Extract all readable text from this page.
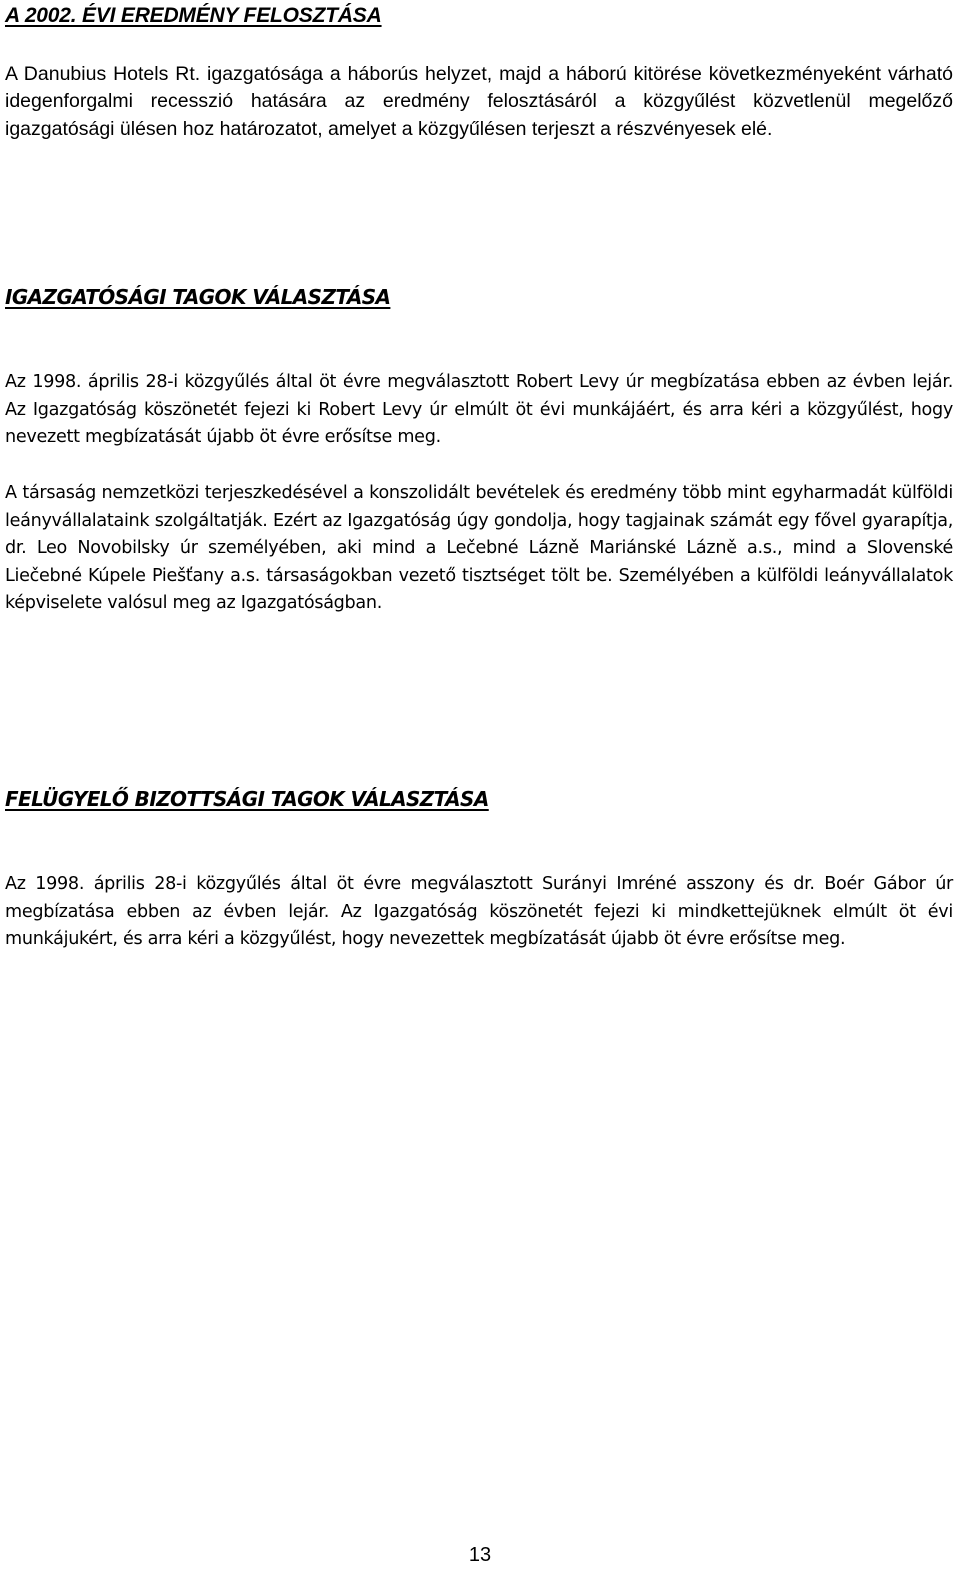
A 2002. ÉVI EREDMÉNY FELOSZTÁSA

A Danubius Hotels Rt. igazgatósága a háborús helyzet, majd a háború kitörése következményeként várható idegenforgalmi recesszió hatására az eredmény felosztásáról a közgyűlést közvetlenül megelőző igazgatósági ülésen hoz határozatot, amelyet a közgyűlésen terjeszt a részvényesek elé.

IGAZGATÓSÁGI TAGOK VÁLASZTÁSA

Az 1998. április 28-i közgyűlés által öt évre megválasztott Robert Levy úr megbízatása ebben az évben lejár. Az Igazgatóság köszönetét fejezi ki Robert Levy úr elmúlt öt évi munkájáért, és arra kéri a közgyűlést, hogy nevezett megbízatását újabb öt évre erősítse meg.

A társaság nemzetközi terjeszkedésével a konszolidált bevételek és eredmény több mint egyharmadát külföldi leányvállalataink szolgáltatják. Ezért az Igazgatóság úgy gondolja, hogy tagjainak számát egy fővel gyarapítja, dr. Leo Novobilsky úr személyében, aki mind a Lečebné Lázně Mariánské Lázně a.s., mind a Slovenské Liečebné Kúpele Piešťany a.s. társaságokban vezető tisztséget tölt be. Személyében a külföldi leányvállalatok képviselete valósul meg az Igazgatóságban.

FELÜGYELŐ BIZOTTSÁGI TAGOK VÁLASZTÁSA

Az 1998. április 28-i közgyűlés által öt évre megválasztott Surányi Imréné asszony és dr. Boér Gábor úr megbízatása ebben az évben lejár. Az Igazgatóság köszönetét fejezi ki mindkettejüknek elmúlt öt évi munkájukért, és arra kéri a közgyűlést, hogy nevezettek megbízatását újabb öt évre erősítse meg.

13
